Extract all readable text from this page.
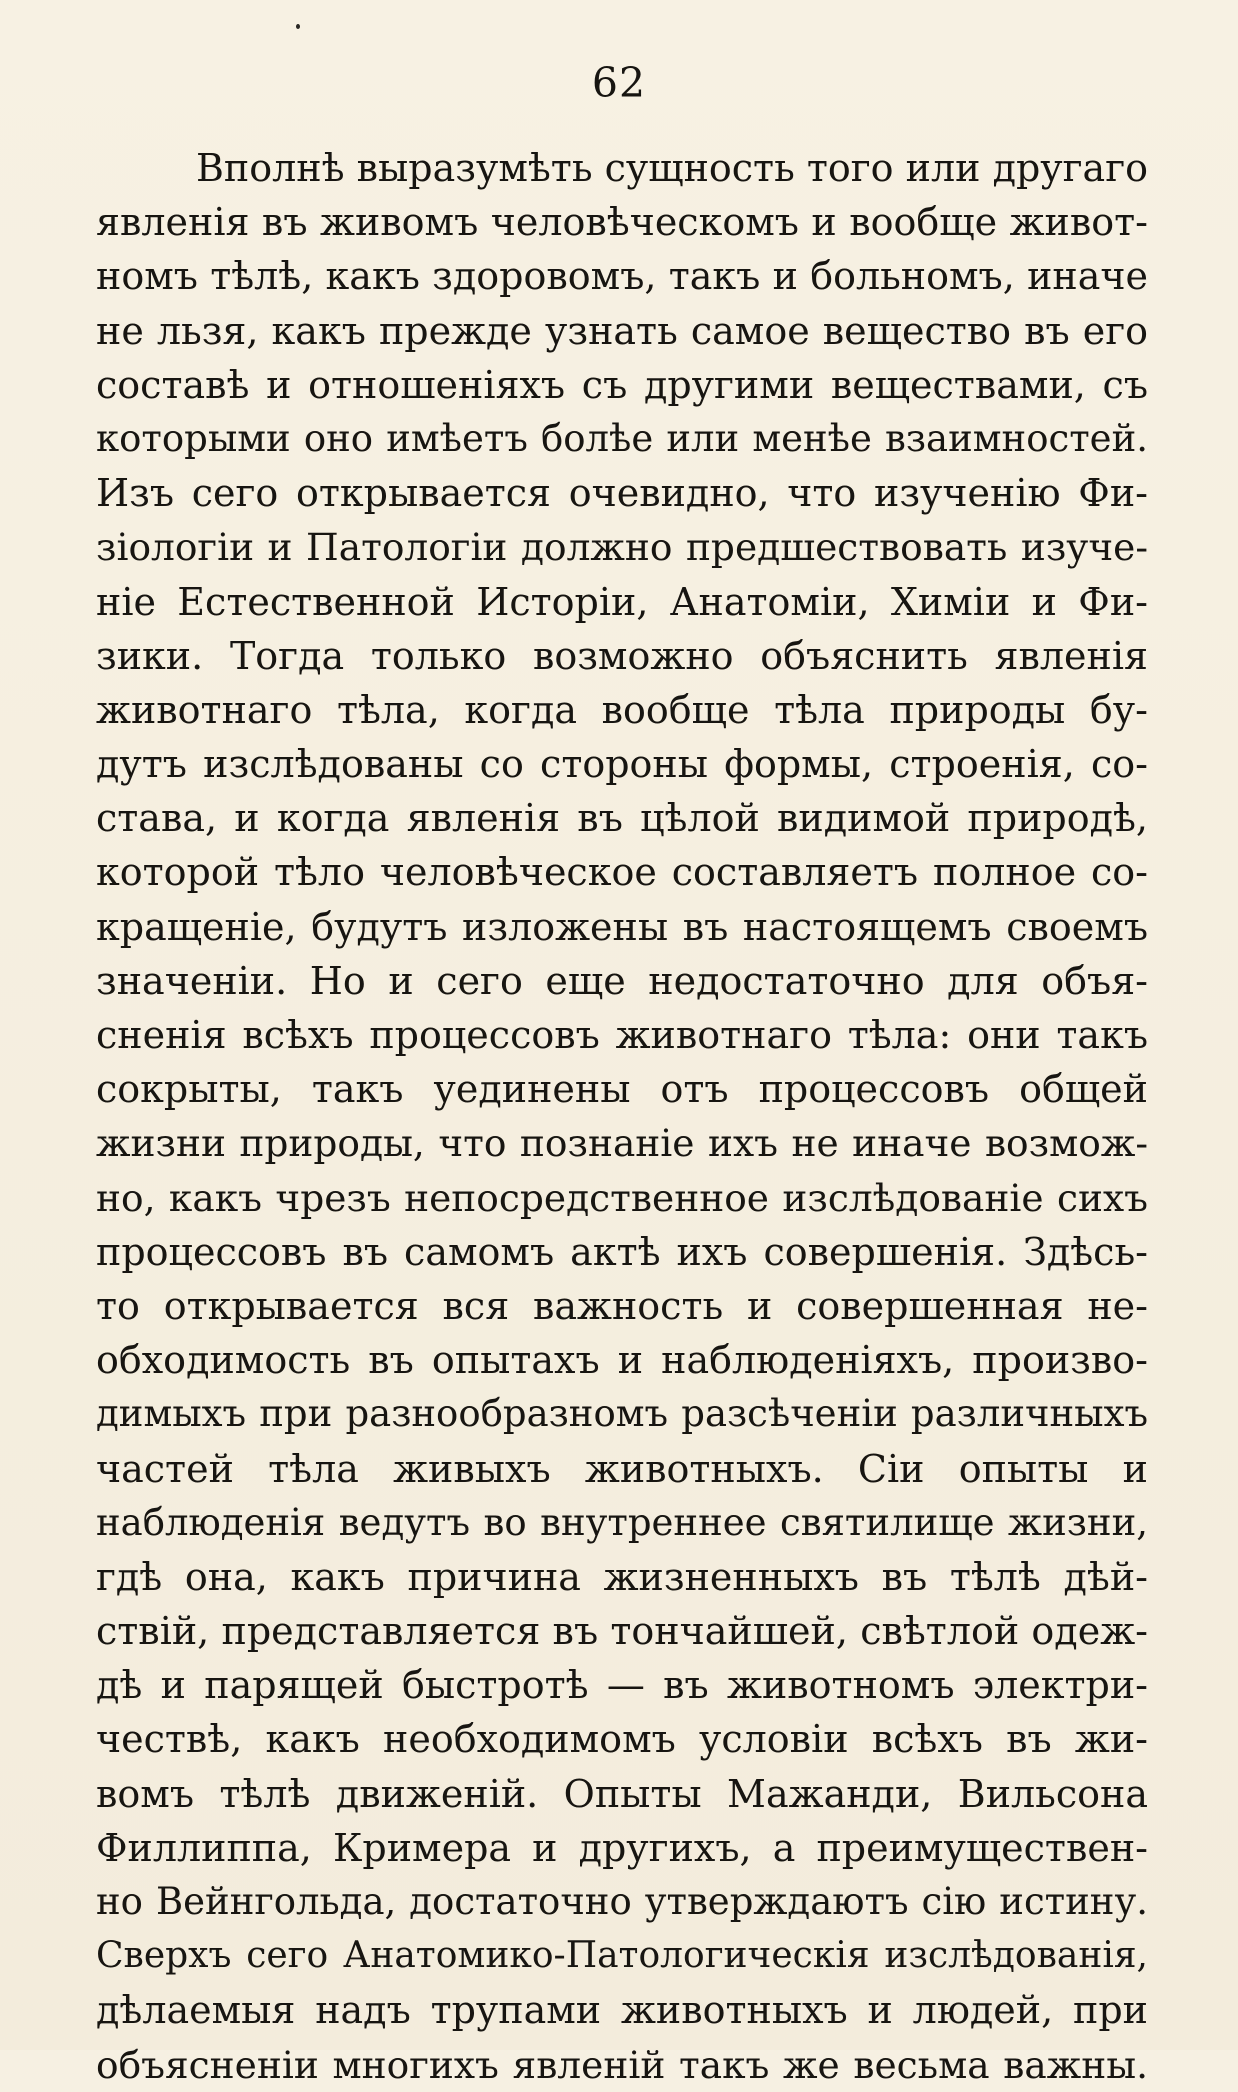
62
Вполнѣ выразумѣть сущность того или другаго
явленія въ живомъ человѣческомъ и вообще живот-
номъ тѣлѣ, какъ здоровомъ, такъ и больномъ, иначе
не льзя, какъ прежде узнать самое вещество въ его
составѣ и отношеніяхъ съ другими веществами, съ
которыми оно имѣетъ болѣе или менѣе взаимностей.
Изъ сего открывается очевидно, что изученію Фи-
зіологіи и Патологіи должно предшествовать изуче-
ніе Естественной Исторіи, Анатоміи, Химіи и Фи-
зики. Тогда только возможно объяснить явленія
животнаго тѣла, когда вообще тѣла природы бу-
дутъ изслѣдованы со стороны формы, строенія, со-
става, и когда явленія въ цѣлой видимой природѣ,
которой тѣло человѣческое составляетъ полное со-
кращеніе, будутъ изложены въ настоящемъ своемъ
значеніи. Но и сего еще недостаточно для объя-
сненія всѣхъ процессовъ животнаго тѣла: они такъ
сокрыты, такъ уединены отъ процессовъ общей
жизни природы, что познаніе ихъ не иначе возмож-
но, какъ чрезъ непосредственное изслѣдованіе сихъ
процессовъ въ самомъ актѣ ихъ совершенія. Здѣсь-
то открывается вся важность и совершенная не-
обходимость въ опытахъ и наблюденіяхъ, произво-
димыхъ при разнообразномъ разсѣченіи различныхъ
частей тѣла живыхъ животныхъ. Сіи опыты и
наблюденія ведутъ во внутреннее святилище жизни,
гдѣ она, какъ причина жизненныхъ въ тѣлѣ дѣй-
ствій, представляется въ тончайшей, свѣтлой одеж-
дѣ и парящей быстротѣ — въ животномъ электри-
чествѣ, какъ необходимомъ условіи всѣхъ въ жи-
вомъ тѣлѣ движеній. Опыты Мажанди, Вильсона
Филлиппа, Кримера и другихъ, а преимуществен-
но Вейнгольда, достаточно утверждаютъ сію истину.
Сверхъ сего Анатомико-Патологическія изслѣдованія,
дѣлаемыя надъ трупами животныхъ и людей, при
объясненіи многихъ явленій такъ же весьма важны.
